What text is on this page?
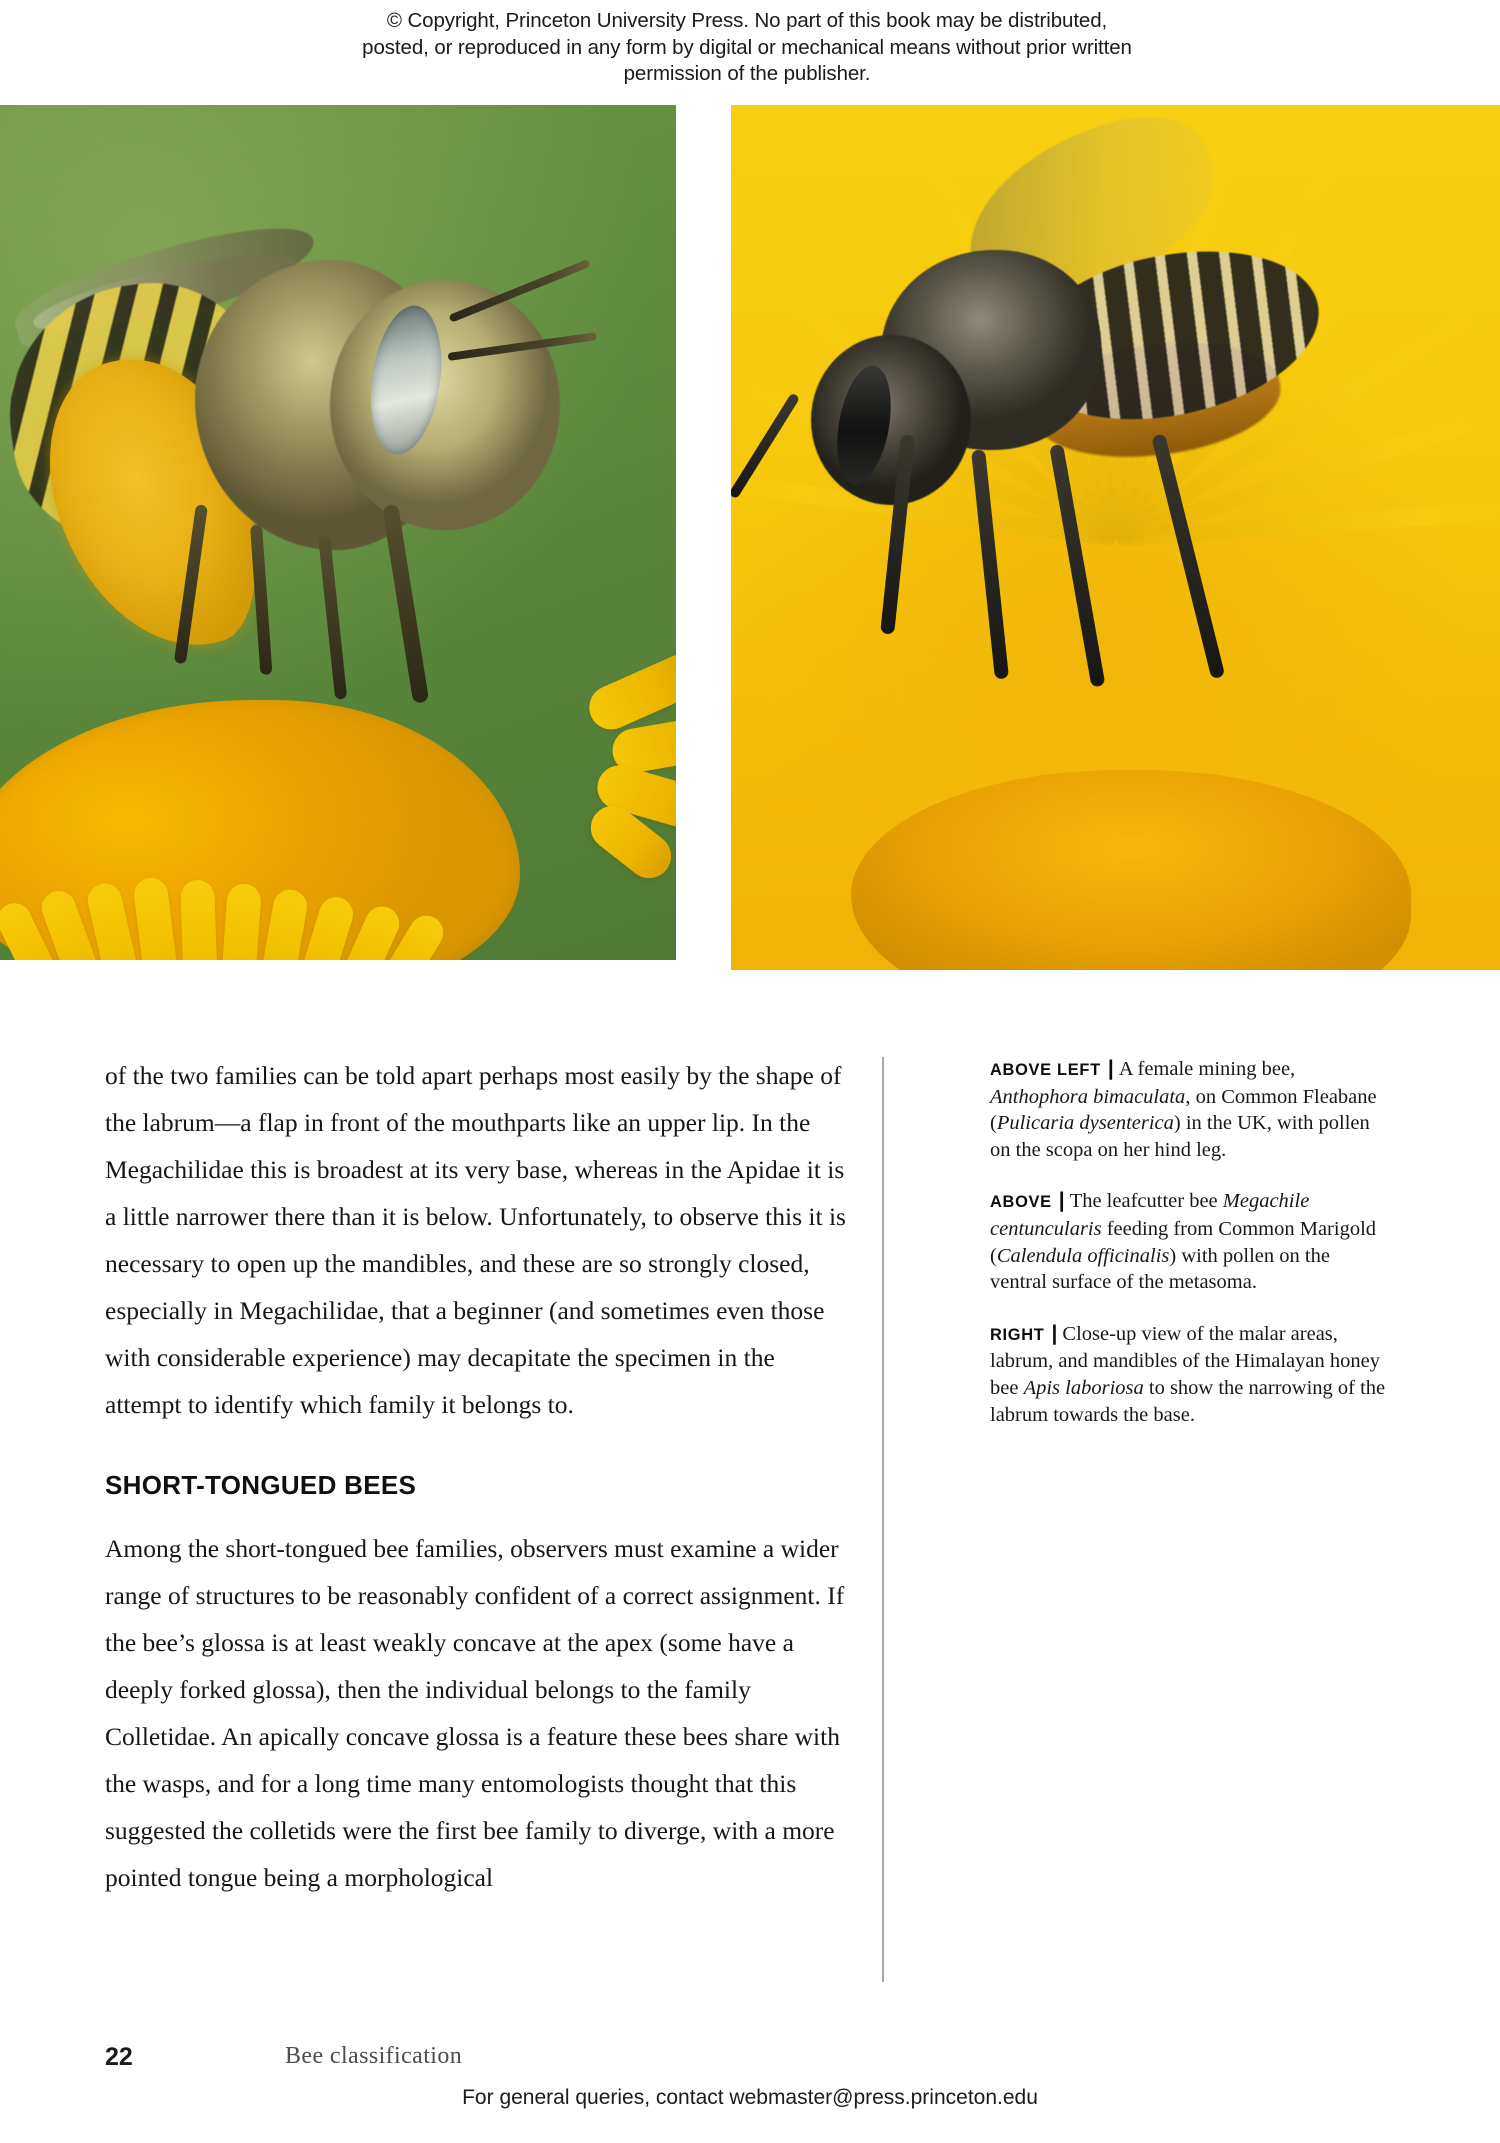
© Copyright, Princeton University Press. No part of this book may be distributed, posted, or reproduced in any form by digital or mechanical means without prior written permission of the publisher.

of the two families can be told apart perhaps most easily by the shape of the labrum—a flap in front of the mouthparts like an upper lip. In the Megachilidae this is broadest at its very base, whereas in the Apidae it is a little narrower there than it is below. Unfortunately, to observe this it is necessary to open up the mandibles, and these are so strongly closed, especially in Megachilidae, that a beginner (and sometimes even those with considerable experience) may decapitate the specimen in the attempt to identify which family it belongs to.

SHORT-TONGUED BEES

Among the short-tongued bee families, observers must examine a wider range of structures to be reasonably confident of a correct assignment. If the bee’s glossa is at least weakly concave at the apex (some have a deeply forked glossa), then the individual belongs to the family Colletidae. An apically concave glossa is a feature these bees share with the wasps, and for a long time many entomologists thought that this suggested the colletids were the first bee family to diverge, with a more pointed tongue being a morphological

ABOVE LEFT | A female mining bee, Anthophora bimaculata, on Common Fleabane (Pulicaria dysenterica) in the UK, with pollen on the scopa on her hind leg.
ABOVE | The leafcutter bee Megachile centuncularis feeding from Common Marigold (Calendula officinalis) with pollen on the ventral surface of the metasoma.
RIGHT | Close-up view of the malar areas, labrum, and mandibles of the Himalayan honey bee Apis laboriosa to show the narrowing of the labrum towards the base.
22	Bee classification
For general queries, contact webmaster@press.princeton.edu
